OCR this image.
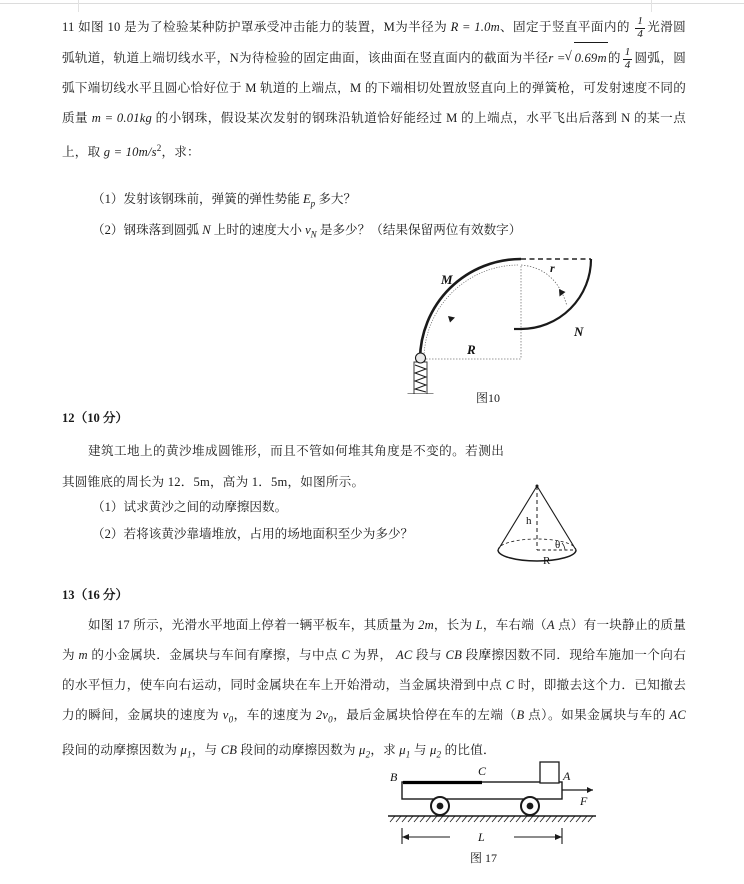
11 如图 10 是为了检验某种防护罩承受冲击能力的装置，M为半径为 R = 1.0m、固定于竖直平面内的 $\frac{1}{4}$ 光滑圆弧轨道，轨道上端切线水平，N为待检验的固定曲面，该曲面在竖直面内的截面为半径r = √ 0.69m的 $\frac{1}{4}$ 圆弧，圆弧下端切线水平且圆心恰好位于 M 轨道的上端点，M 的下端相切处置放竖直向上的弹簧枪，可发射速度不同的质量 m = 0.01kg 的小钢珠，假设某次发射的钢珠沿轨道恰好能经过 M 的上端点，水平飞出后落到 N 的某一点上，取 $g = 10m/s^2$，求：
（1）发射该钢珠前，弹簧的弹性势能 $E_p$ 多大？
（2）钢珠落到圆弧 N 上时的速度大小 $v_N$ 是多少？（结果保留两位有效数字）
M
N
R
r
图10
12（10 分）
建筑工地上的黄沙堆成圆锥形，而且不管如何堆其角度是不变的。若测出其圆锥底的周长为 12．5m，高为 1．5m，如图所示。
（1）试求黄沙之间的动摩擦因数。
（2）若将该黄沙靠墙堆放，占用的场地面积至少为多少？
h
R
θ
13（16 分）
如图 17 所示，光滑水平地面上停着一辆平板车，其质量为 2m，长为 L，车右端（A 点）有一块静止的质量为 m 的小金属块．金属块与车间有摩擦，与中点 C 为界， AC 段与 CB 段摩擦因数不同．现给车施加一个向右的水平恒力，使车向右运动，同时金属块在车上开始滑动，当金属块滑到中点 C 时，即撤去这个力．已知撤去力的瞬间，金属块的速度为 $v_0$，车的速度为 $2v_0$，最后金属块恰停在车的左端（B 点）。如果金属块与车的 AC 段间的动摩擦因数为 $\mu_1$，与 CB 段间的动摩擦因数为 $\mu_2$，求 $\mu_1$ 与 $\mu_2$ 的比值．
B	C	A
F
L
图 17
